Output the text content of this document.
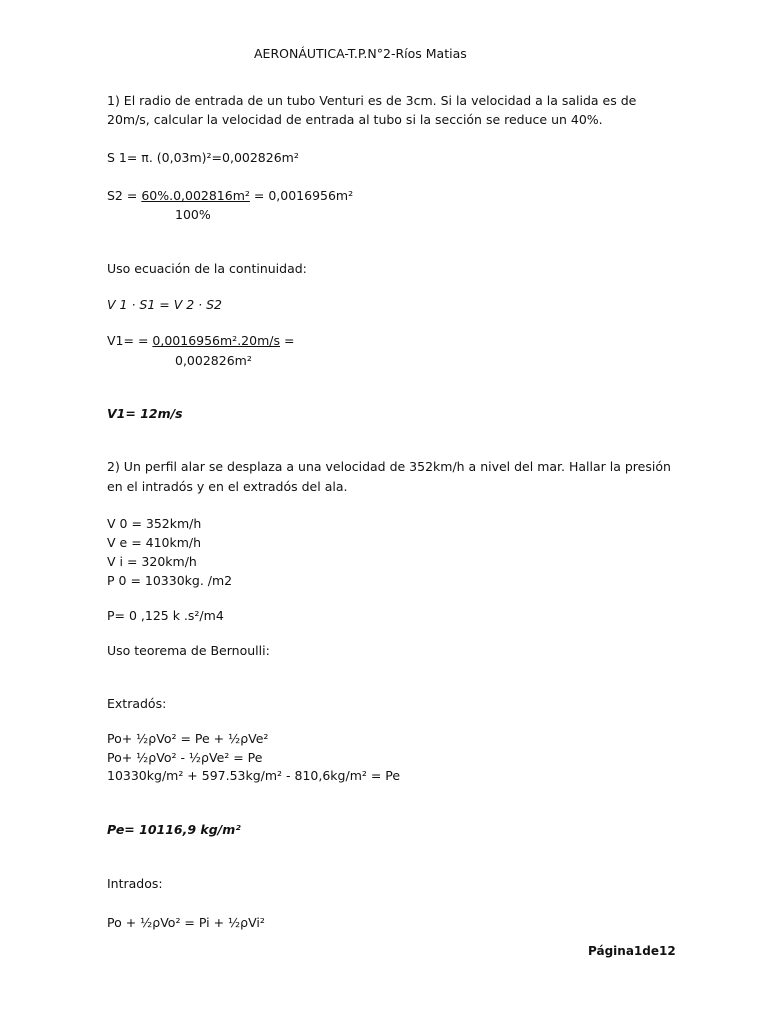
AERONÁUTICA-T.P.N°2-Ríos Matias
1) El radio de entrada de un tubo Venturi es de 3cm. Si la velocidad a la salida es de
20m/s, calcular la velocidad de entrada al tubo si la sección se reduce un 40%.
S 1= π. (0,03m)²=0,002826m²
S2 = 60%.0,002816m² = 0,0016956m²
100%
Uso ecuación de la continuidad:
V 1 · S1 = V 2 · S2
V1= = 0,0016956m².20m/s =
0,002826m²
V1= 12m/s
2) Un perfil alar se desplaza a una velocidad de 352km/h a nivel del mar. Hallar la presión
en el intradós y en el extradós del ala.
V 0 = 352km/h
V e = 410km/h
V i = 320km/h
P 0 = 10330kg. /m2
P= 0 ,125 k .s²/m4
Uso teorema de Bernoulli:
Extradós:
Po+ ½ρVo² = Pe + ½ρVe²
Po+ ½ρVo² - ½ρVe² = Pe
10330kg/m² + 597.53kg/m² - 810,6kg/m² = Pe
Pe= 10116,9 kg/m²
Intrados:
Po + ½ρVo² = Pi + ½ρVi²
Página1de12
